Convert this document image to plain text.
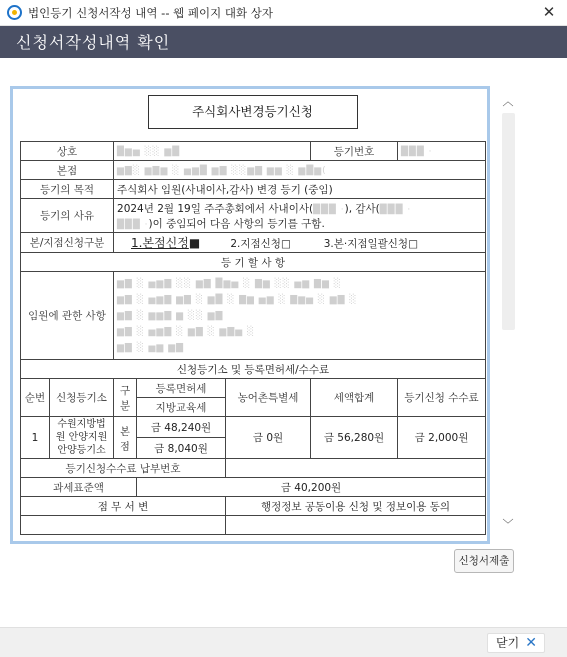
법인등기 신청서작성 내역 -- 웹 페이지 대화 상자	✕
신청서작성내역 확인
주식회사변경등기신청
상호		█▆▅ ░░ ▆█			등기번호	███ ·
본점		▆▇░ ▆▇▆ ░ ▅▆█ ▆▇ ░░▆▇ ▆▆ ░ ▆█▆(				
등기의 목적		주식회사 임원(사내이사,감사) 변경 등기 (중임)				
등기의 사유		2024년 2월 19일 주주총회에서 사내이사(███ ·), 감사(███ ·
███ ·)이 중임되어 다음 사항의 등기를 구함.				
본/지점신청구분		1.본점신정■ 2.지점신청□ 3.본·지점일괄신청□				
등 기 할 사 항						
임원에 관한 사항		▆▇ ░ ▅▆▇ ░░ ▆▇ █▆▅ ░ ▇▆ ░░ ▅▆ ▇▆ ░
▆▇ ░ ▅▆▇ ▆▇ ░ ▆█ ░ ▇▆ ▅▆ ░ ▇▆▅ ░ ▆▇ ░
▆▇ ░ ▆▆▇ ▆ ░░ ▆▇
▆▇ ░ ▅▆▇ ░ ▆▇ ░ ▆▇▅ ░
▆▇ ░ ▅▆ ▆▇				

신청등기소 및 등록면허세/수수료						
순번	신청등기소	구분	등록면허세	농어촌특별세	세액합계	등기신청 수수료
			지방교육세			
1	수원지방법원 안양지원 안양등기소	본점	금 48,240원	금 0원	금 56,280원	금 2,000원
			금 8,040원			
등기신청수수료 납부번호						
과세표준액			금 40,200원			
점 무 서 변				행정정보 공동이용 신청 및 정보이용 동의		

︿
﹀
신청서제출
닫기 ✕
